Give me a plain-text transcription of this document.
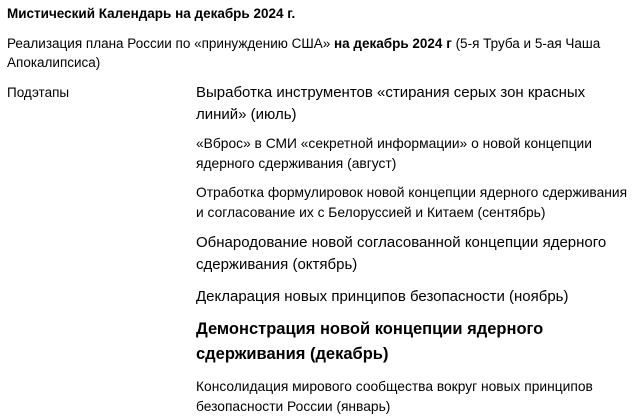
Мистический Календарь на декабрь 2024 г.
Реализация плана России по «принуждению США» на декабрь 2024 г (5-я Труба и 5-ая Чаша Апокалипсиса)
Подэтапы	Выработка инструментов «стирания серых зон красных линий» (июль)
«Вброс» в СМИ «секретной информации» о новой концепции ядерного сдерживания (август)
Отработка формулировок новой концепции ядерного сдерживания и согласование их с Белоруссией и Китаем (сентябрь)
Обнародование новой согласованной концепции ядерного сдерживания (октябрь)
Декларация новых принципов безопасности (ноябрь)
Демонстрация новой концепции ядерного сдерживания (декабрь)
Консолидация мирового сообщества вокруг новых принципов безопасности России (январь)
